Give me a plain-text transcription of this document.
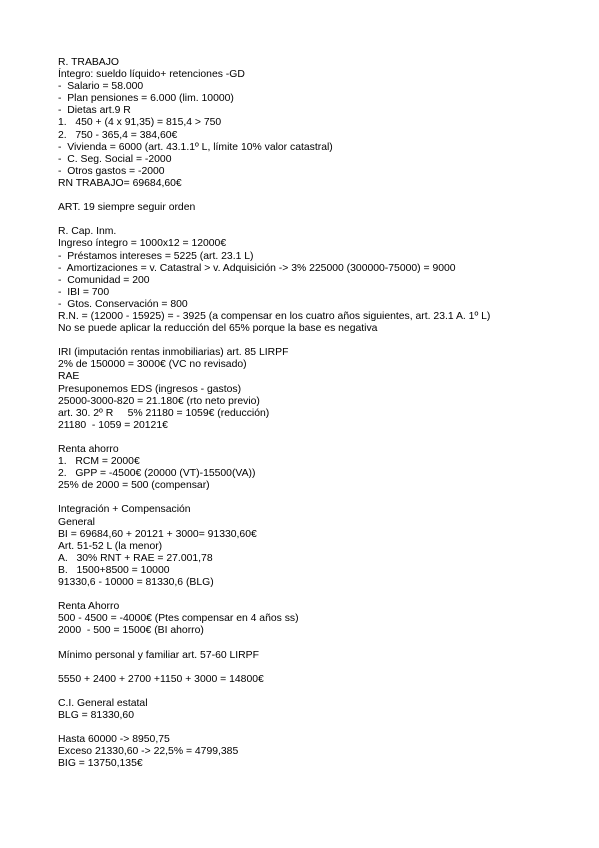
R. TRABAJO
Íntegro: sueldo líquido+ retenciones -GD
-  Salario = 58.000
-  Plan pensiones = 6.000 (lim. 10000)
-  Dietas art.9 R
1.   450 + (4 x 91,35) = 815,4 > 750
2.   750 - 365,4 = 384,60€
-  Vivienda = 6000 (art. 43.1.1º L, límite 10% valor catastral)
-  C. Seg. Social = -2000
-  Otros gastos = -2000
RN TRABAJO= 69684,60€
ART. 19 siempre seguir orden
R. Cap. Inm.
Ingreso íntegro = 1000x12 = 12000€
-  Préstamos intereses = 5225 (art. 23.1 L)
-  Amortizaciones = v. Catastral > v. Adquisición -> 3% 225000 (300000-75000) = 9000
-  Comunidad = 200
-  IBI = 700
-  Gtos. Conservación = 800
R.N. = (12000 - 15925) = - 3925 (a compensar en los cuatro años siguientes, art. 23.1 A. 1º L)
No se puede aplicar la reducción del 65% porque la base es negativa
IRI (imputación rentas inmobiliarias) art. 85 LIRPF
2% de 150000 = 3000€ (VC no revisado)
RAE
Presuponemos EDS (ingresos - gastos)
25000-3000-820 = 21.180€ (rto neto previo)
art. 30. 2º R     5% 21180 = 1059€ (reducción)
21180  - 1059 = 20121€
Renta ahorro
1.   RCM = 2000€
2.   GPP = -4500€ (20000 (VT)-15500(VA))
25% de 2000 = 500 (compensar)
Integración + Compensación
General
BI = 69684,60 + 20121 + 3000= 91330,60€
Art. 51-52 L (la menor)
A.   30% RNT + RAE = 27.001,78
B.   1500+8500 = 10000
91330,6 - 10000 = 81330,6 (BLG)
Renta Ahorro
500 - 4500 = -4000€ (Ptes compensar en 4 años ss)
2000  - 500 = 1500€ (BI ahorro)
Mínimo personal y familiar art. 57-60 LIRPF
5550 + 2400 + 2700 +1150 + 3000 = 14800€
C.I. General estatal
BLG = 81330,60
Hasta 60000 -> 8950,75
Exceso 21330,60 -> 22,5% = 4799,385
BIG = 13750,135€
